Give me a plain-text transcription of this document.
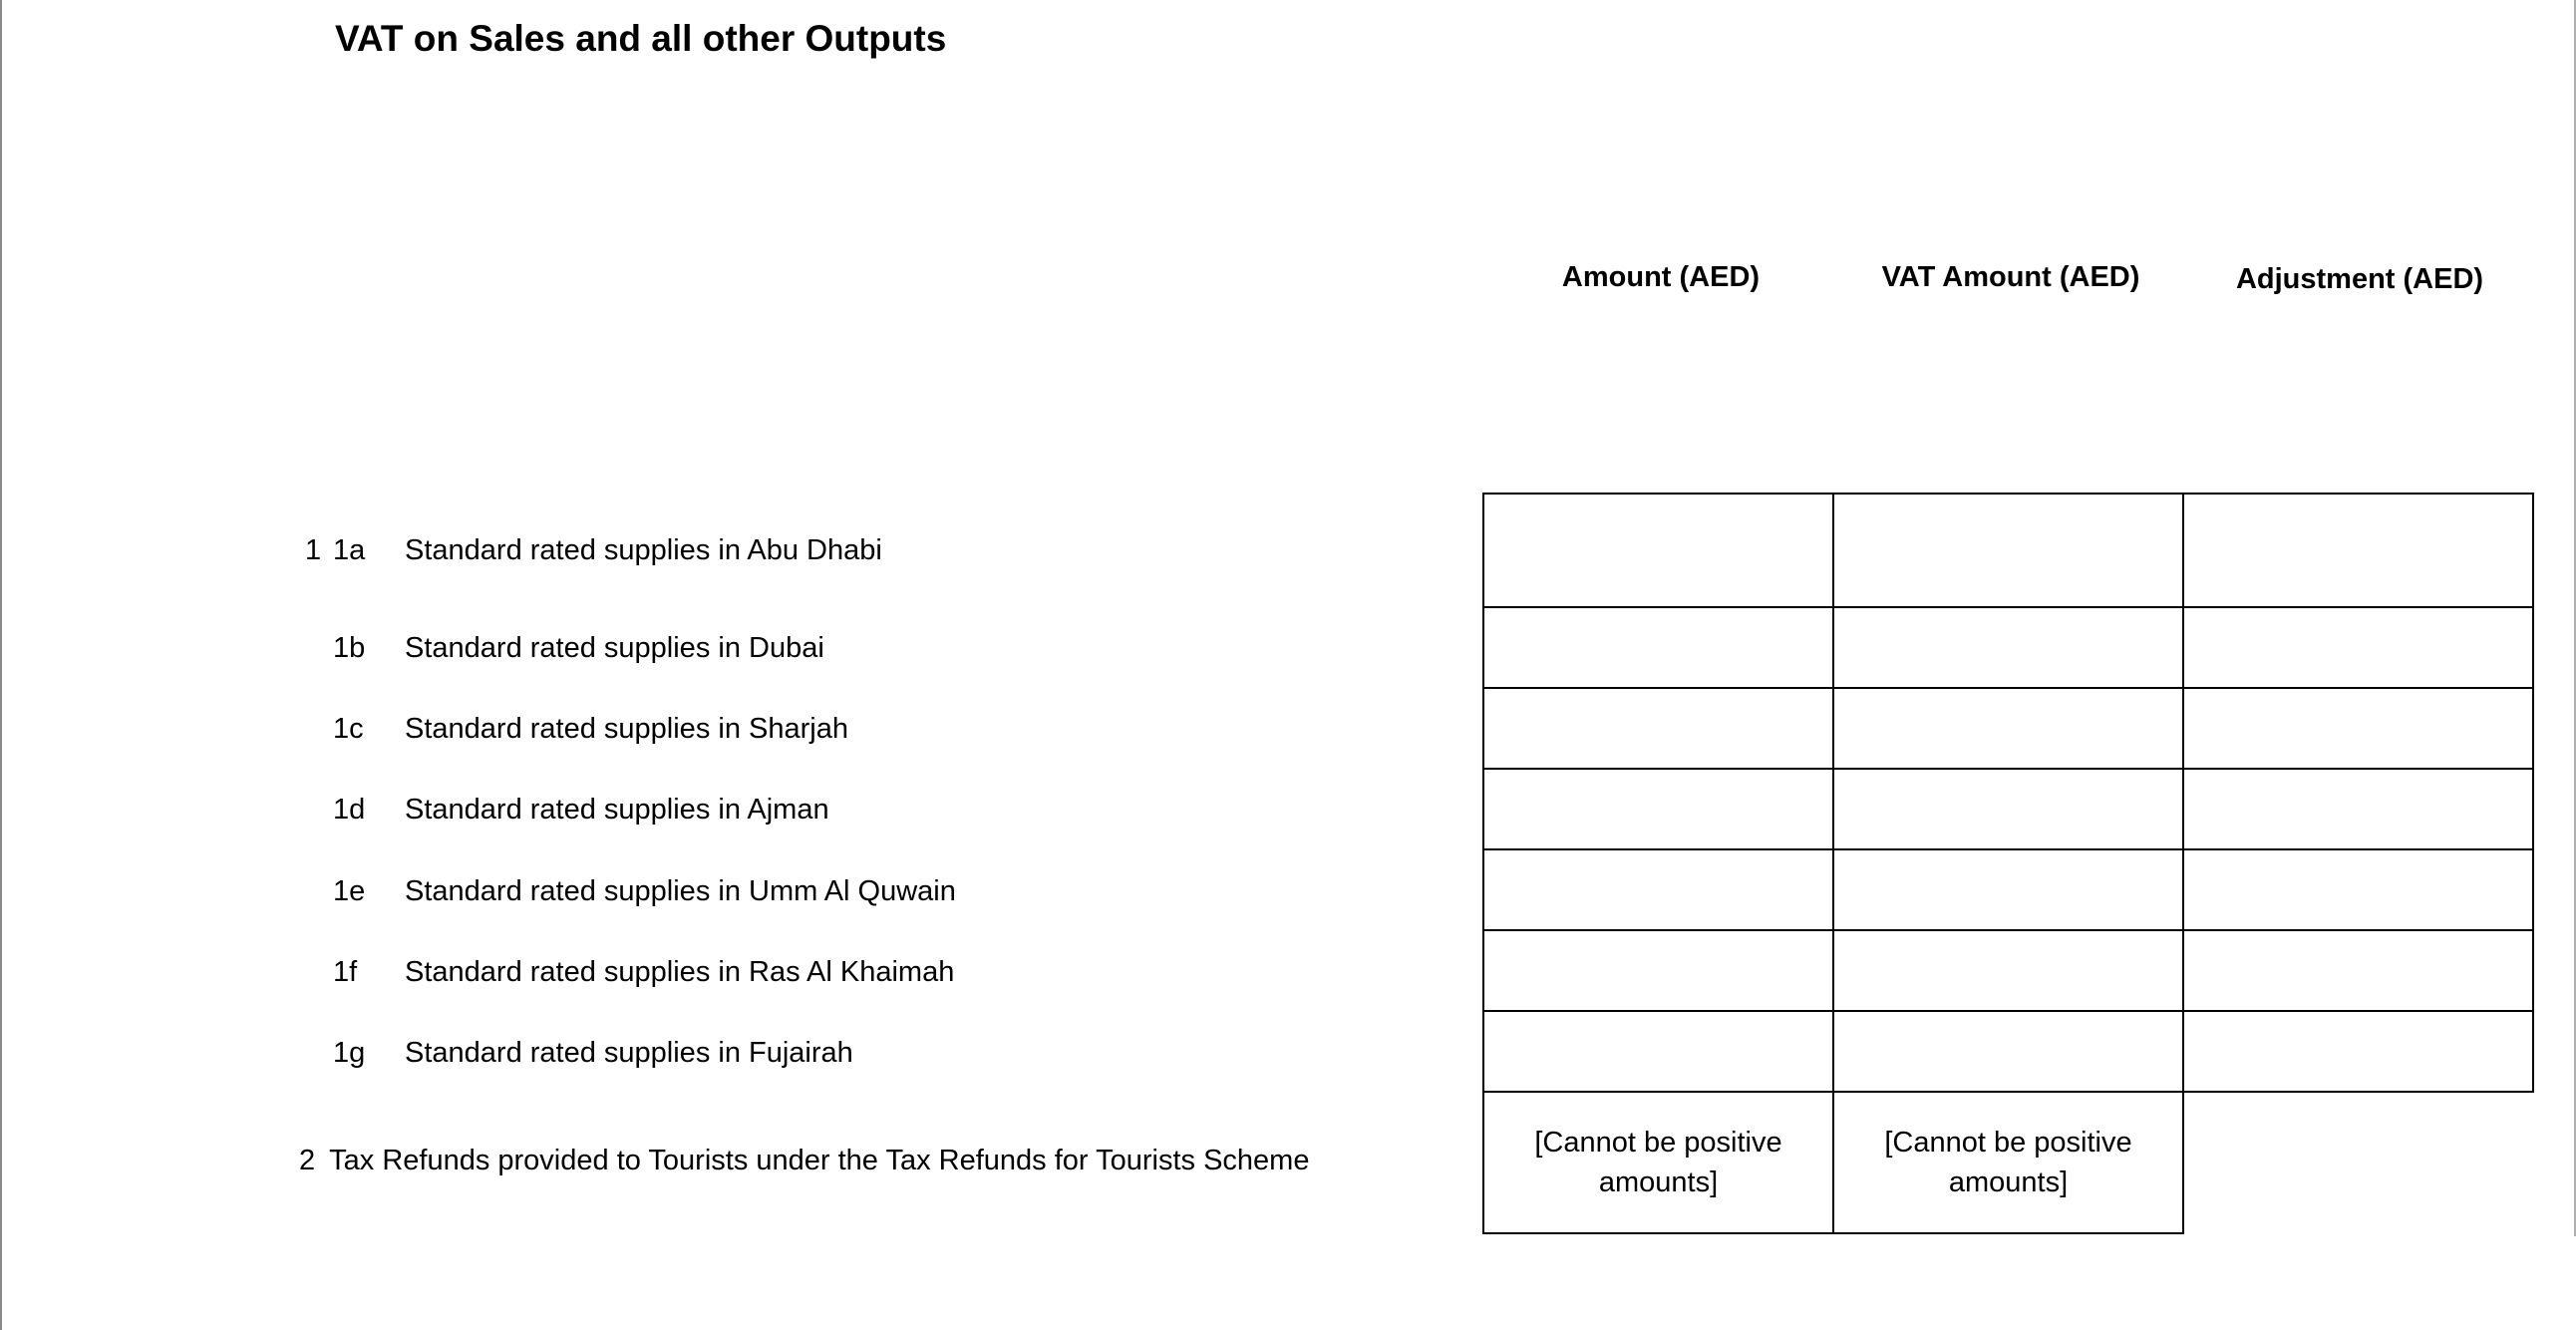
VAT on Sales and all other Outputs
Amount (AED)	VAT Amount (AED)	Adjustment (AED)
1 1a Standard rated supplies in Abu Dhabi
1b Standard rated supplies in Dubai
1c Standard rated supplies in Sharjah
1d Standard rated supplies in Ajman
1e Standard rated supplies in Umm Al Quwain
1f Standard rated supplies in Ras Al Khaimah
1g Standard rated supplies in Fujairah
2 Tax Refunds provided to Tourists under the Tax Refunds for Tourists Scheme
[Cannot be positive amounts]
[Cannot be positive amounts]
